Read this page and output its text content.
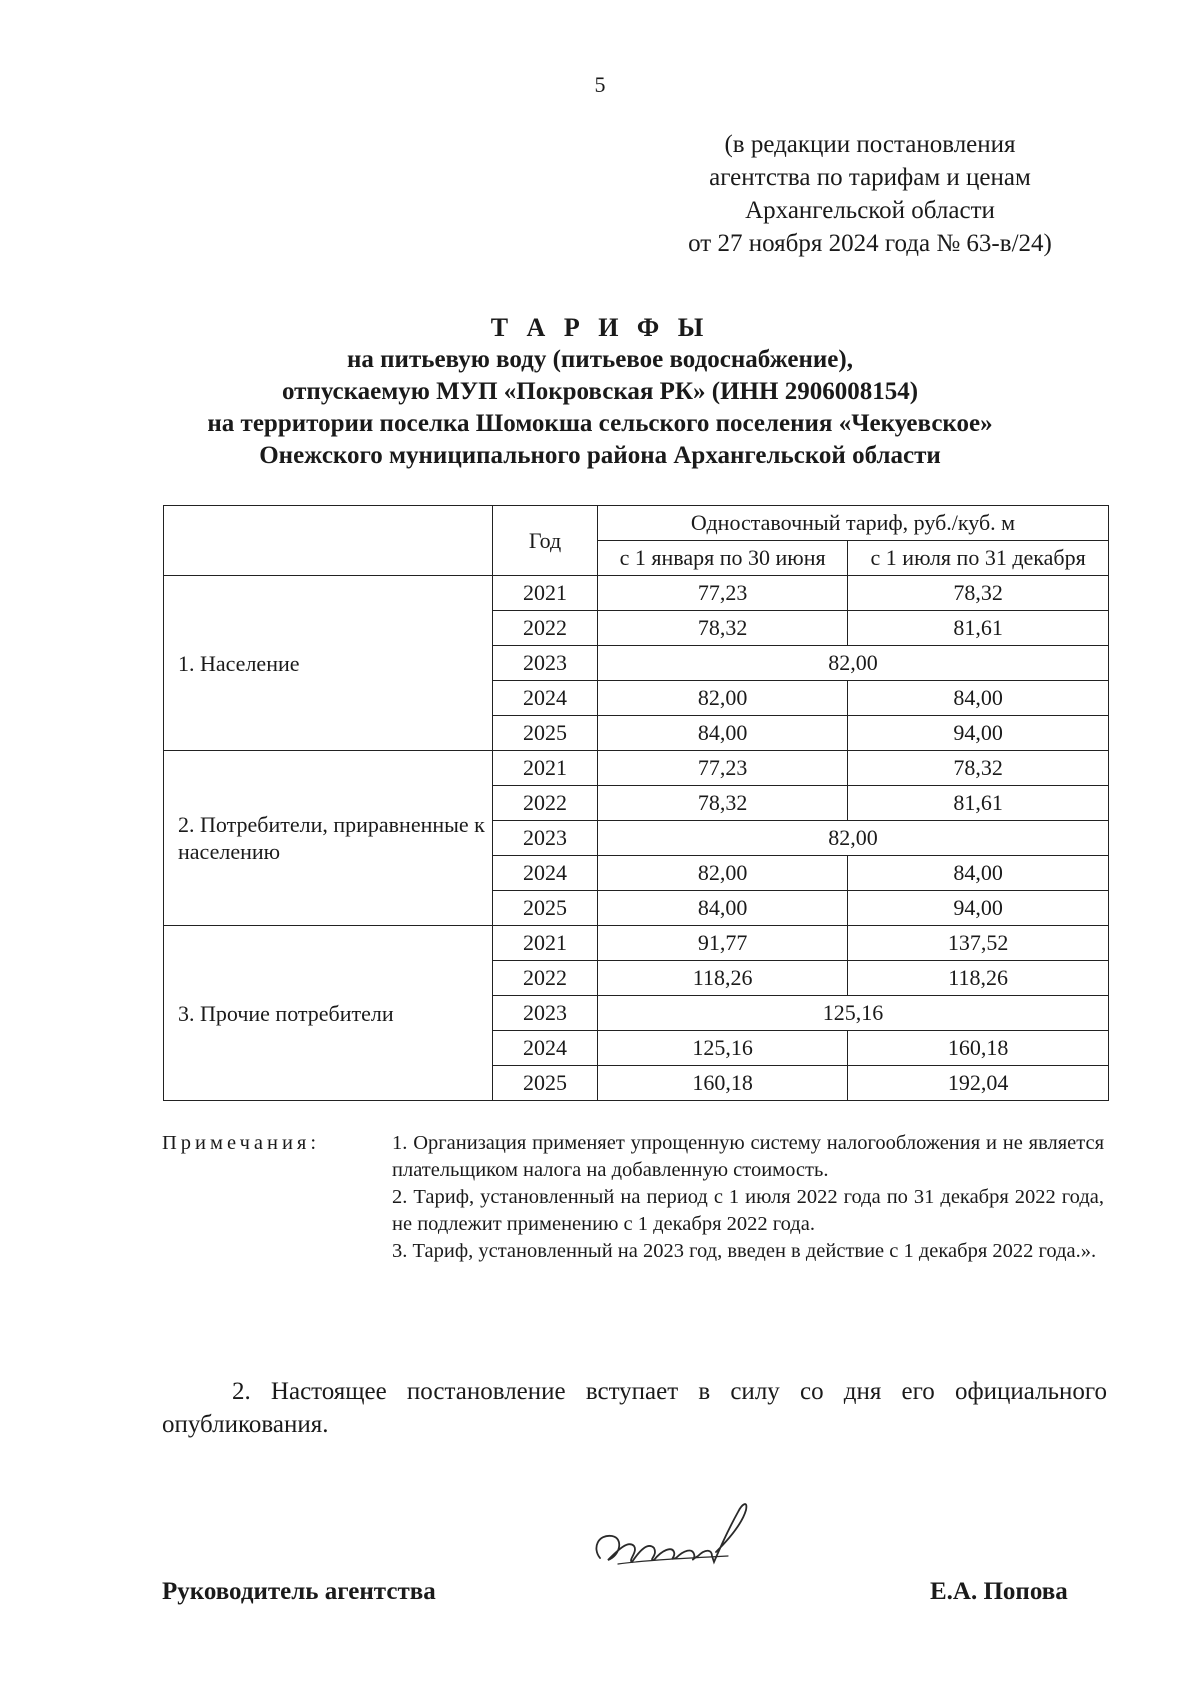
5
(в редакции постановления
агентства по тарифам и ценам
Архангельской области
от 27 ноября 2024 года № 63-в/24)
Т А Р И Ф Ы
на питьевую воду (питьевое водоснабжение),
отпускаемую МУП «Покровская РК» (ИНН 2906008154)
на территории поселка Шомокша сельского поселения «Чекуевское»
Онежского муниципального района Архангельской области
	Год	Одноставочный тариф, руб./куб. м	
		с 1 января по 30 июня	с 1 июля по 31 декабря
1. Население	2021	77,23	78,32
	2022	78,32	81,61
	2023	82,00	
	2024	82,00	84,00
	2025	84,00	94,00
2. Потребители, приравненные к населению	2021	77,23	78,32
	2022	78,32	81,61
	2023	82,00	
	2024	82,00	84,00
	2025	84,00	94,00
3. Прочие потребители	2021	91,77	137,52
	2022	118,26	118,26
	2023	125,16	
	2024	125,16	160,18
	2025	160,18	192,04
Примечания:	1. Организация применяет упрощенную систему налогообложения и не является плательщиком налога на добавленную стоимость.

2. Тариф, установленный на период с 1 июля 2022 года по 31 декабря 2022 года, не подлежит применению с 1 декабря 2022 года.

3. Тариф, установленный на 2023 год, введен в действие с 1 декабря 2022 года.».

2. Настоящее постановление вступает в силу со дня его официального опубликования.
Руководитель агентства	Е.А. Попова
